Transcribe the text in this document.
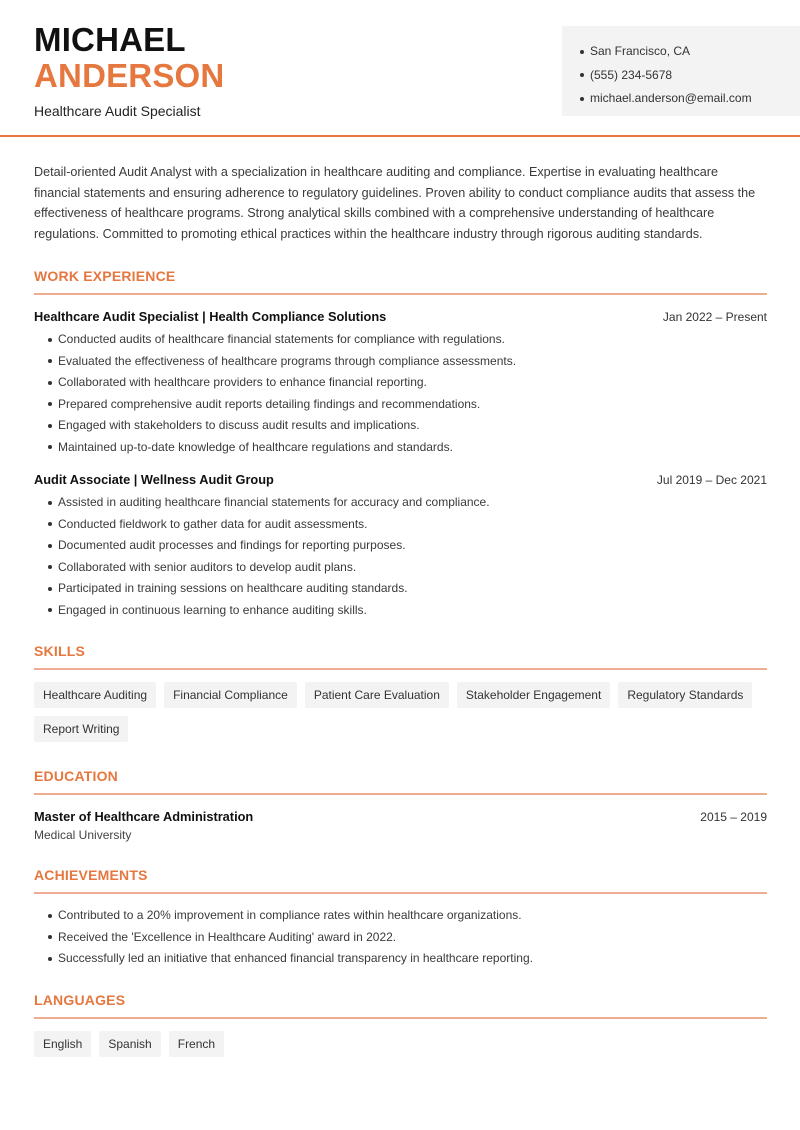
MICHAEL
ANDERSON
Healthcare Audit Specialist
San Francisco, CA
(555) 234-5678
michael.anderson@email.com

Detail-oriented Audit Analyst with a specialization in healthcare auditing and compliance. Expertise in evaluating healthcare financial statements and ensuring adherence to regulatory guidelines. Proven ability to conduct compliance audits that assess the effectiveness of healthcare programs. Strong analytical skills combined with a comprehensive understanding of healthcare regulations. Committed to promoting ethical practices within the healthcare industry through rigorous auditing standards.

WORK EXPERIENCE
Healthcare Audit Specialist | Health Compliance Solutions	Jan 2022 – Present
Conducted audits of healthcare financial statements for compliance with regulations.
Evaluated the effectiveness of healthcare programs through compliance assessments.
Collaborated with healthcare providers to enhance financial reporting.
Prepared comprehensive audit reports detailing findings and recommendations.
Engaged with stakeholders to discuss audit results and implications.
Maintained up-to-date knowledge of healthcare regulations and standards.
Audit Associate | Wellness Audit Group	Jul 2019 – Dec 2021
Assisted in auditing healthcare financial statements for accuracy and compliance.
Conducted fieldwork to gather data for audit assessments.
Documented audit processes and findings for reporting purposes.
Collaborated with senior auditors to develop audit plans.
Participated in training sessions on healthcare auditing standards.
Engaged in continuous learning to enhance auditing skills.
SKILLS
Healthcare Auditing	Financial Compliance	Patient Care Evaluation	Stakeholder Engagement	Regulatory Standards
Report Writing
EDUCATION
Master of Healthcare Administration	2015 – 2019
Medical University
ACHIEVEMENTS
Contributed to a 20% improvement in compliance rates within healthcare organizations.
Received the 'Excellence in Healthcare Auditing' award in 2022.
Successfully led an initiative that enhanced financial transparency in healthcare reporting.
LANGUAGES
English	Spanish	French
